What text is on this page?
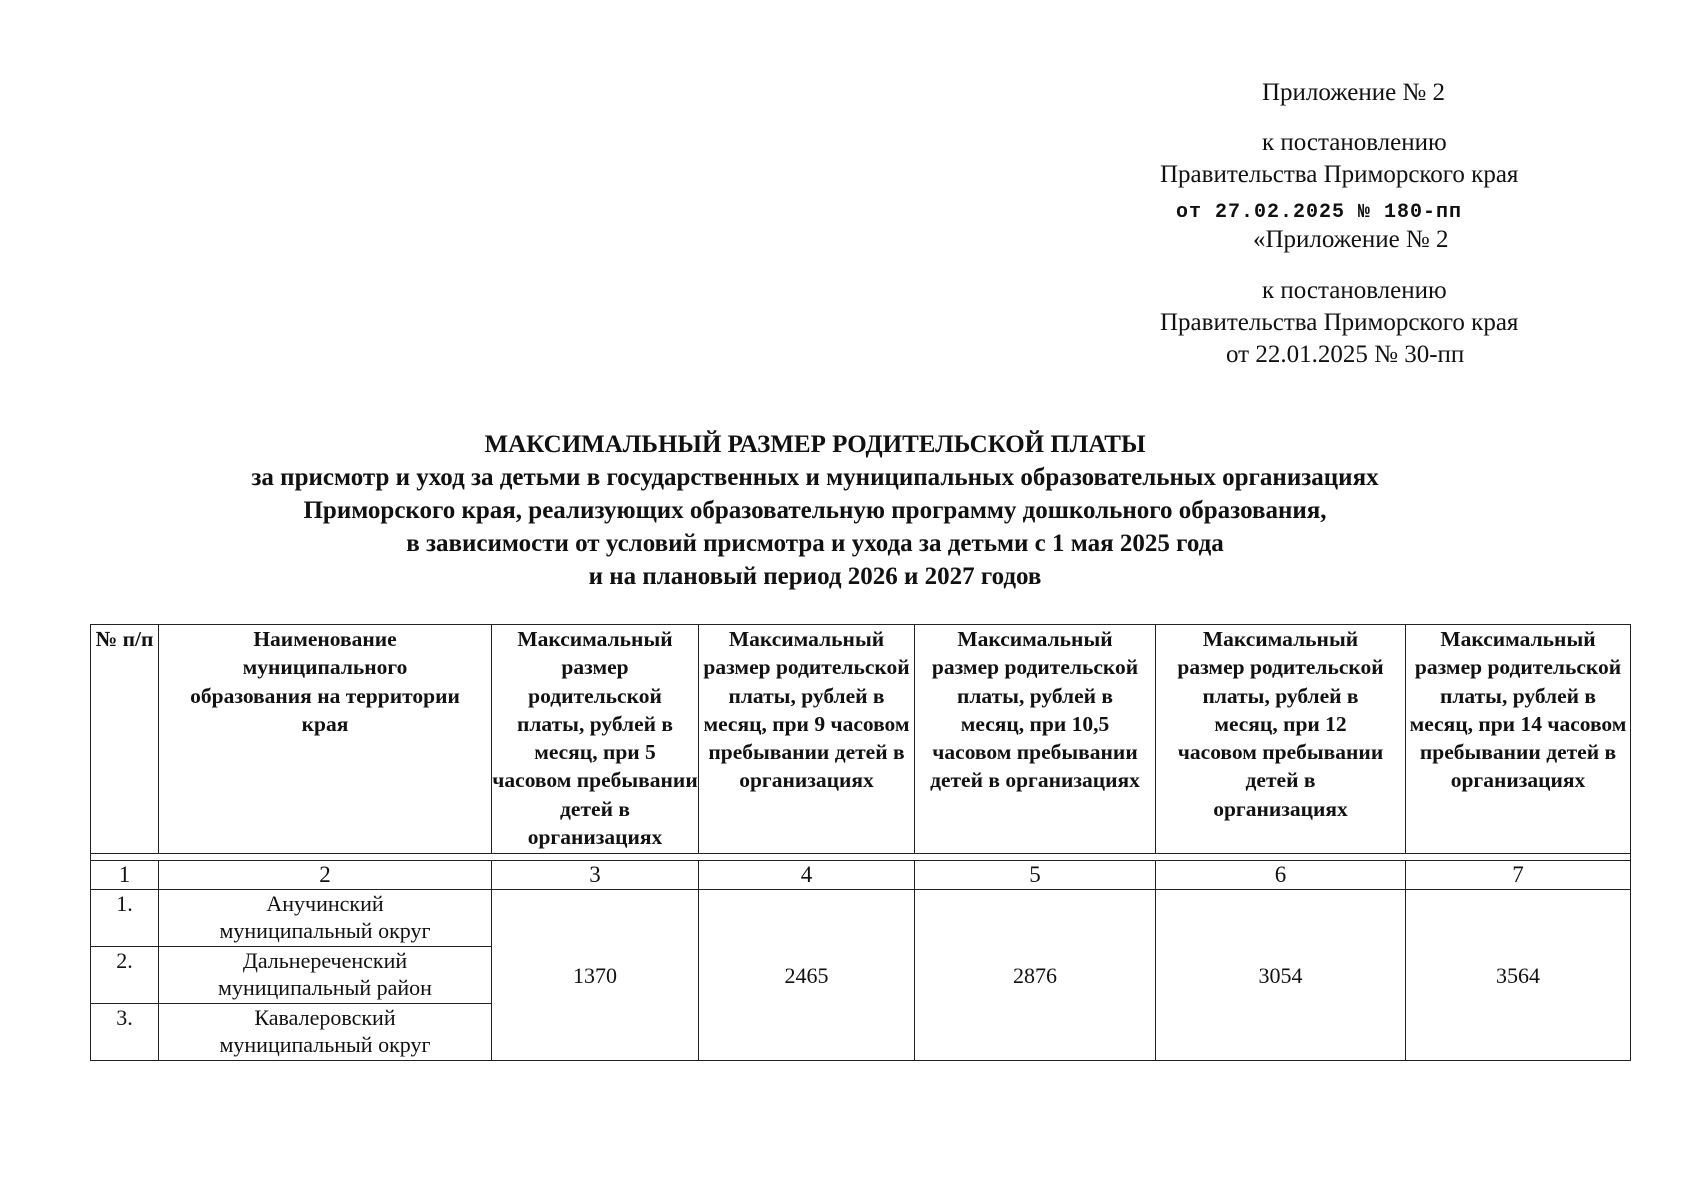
Приложение № 2
к постановлению
Правительства Приморского края
от 27.02.2025 № 180-пп
«Приложение № 2
к постановлению
Правительства Приморского края
от 22.01.2025 № 30-пп
МАКСИМАЛЬНЫЙ РАЗМЕР РОДИТЕЛЬСКОЙ ПЛАТЫ
за присмотр и уход за детьми в государственных и муниципальных образовательных организациях
Приморского края, реализующих образовательную программу дошкольного образования,
в зависимости от условий присмотра и ухода за детьми с 1 мая 2025 года
и на плановый период 2026 и 2027 годов
№ п/п	Наименование муниципального образования на территории края	Максимальный размер родительской платы, рублей в месяц, при 5 часовом пребывании детей в организациях	Максимальный размер родительской платы, рублей в месяц, при 9 часовом пребывании детей в организациях	Максимальный размер родительской платы, рублей в месяц, при 10,5 часовом пребывании детей в организациях	Максимальный размер родительской платы, рублей в месяц, при 12 часовом пребывании детей в организациях	Максимальный размер родительской платы, рублей в месяц, при 14 часовом пребывании детей в организациях

1	2	3	4	5	6	7
1.	Анучинский муниципальный округ	1370	2465	2876	3054	3564
2.	Дальнереченский муниципальный район					
3.	Кавалеровский муниципальный округ					
